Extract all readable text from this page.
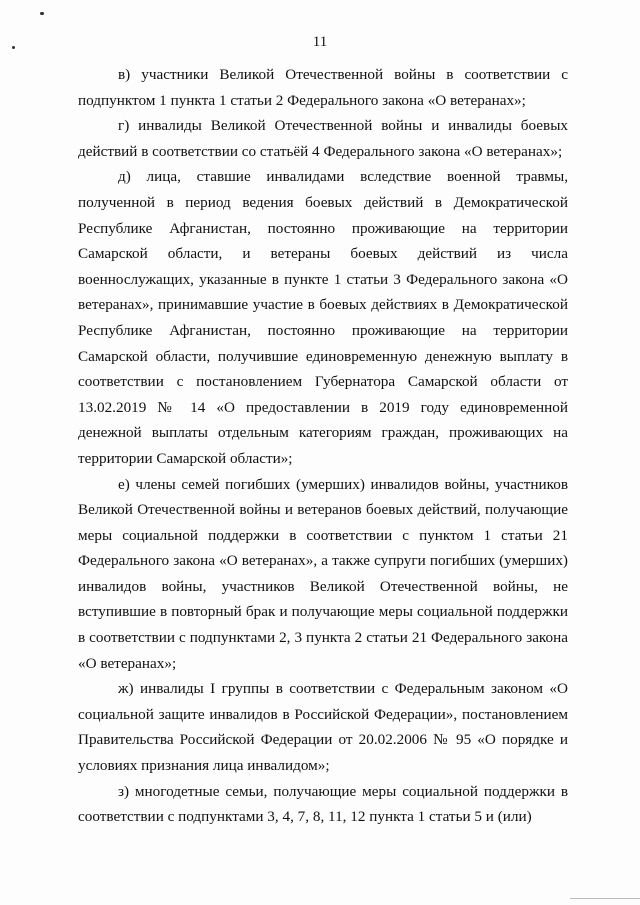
11

в) участники Великой Отечественной войны в соответствии с подпунктом 1 пункта 1 статьи 2 Федерального закона «О ветеранах»;

г) инвалиды Великой Отечественной войны и инвалиды боевых действий в соответствии со статьёй 4 Федерального закона «О ветеранах»;

д) лица, ставшие инвалидами вследствие военной травмы, полученной в период ведения боевых действий в Демократической Республике Афганистан, постоянно проживающие на территории Самарской области, и ветераны боевых действий из числа военнослужащих, указанные в пункте 1 статьи 3 Федерального закона «О ветеранах», принимавшие участие в боевых действиях в Демократической Республике Афганистан, постоянно проживающие на территории Самарской области, получившие единовременную денежную выплату в соответствии с постановлением Губернатора Самарской области от 13.02.2019 № 14 «О предоставлении в 2019 году единовременной денежной выплаты отдельным категориям граждан, проживающих на территории Самарской области»;

е) члены семей погибших (умерших) инвалидов войны, участников Великой Отечественной войны и ветеранов боевых действий, получающие меры социальной поддержки в соответствии с пунктом 1 статьи 21 Федерального закона «О ветеранах», а также супруги погибших (умерших) инвалидов войны, участников Великой Отечественной войны, не вступившие в повторный брак и получающие меры социальной поддержки в соответствии с подпунктами 2, 3 пункта 2 статьи 21 Федерального закона «О ветеранах»;

ж) инвалиды I группы в соответствии с Федеральным законом «О социальной защите инвалидов в Российской Федерации», постановлением Правительства Российской Федерации от 20.02.2006 № 95 «О порядке и условиях признания лица инвалидом»;

з) многодетные семьи, получающие меры социальной поддержки в соответствии с подпунктами 3, 4, 7, 8, 11, 12 пункта 1 статьи 5 и (или)
